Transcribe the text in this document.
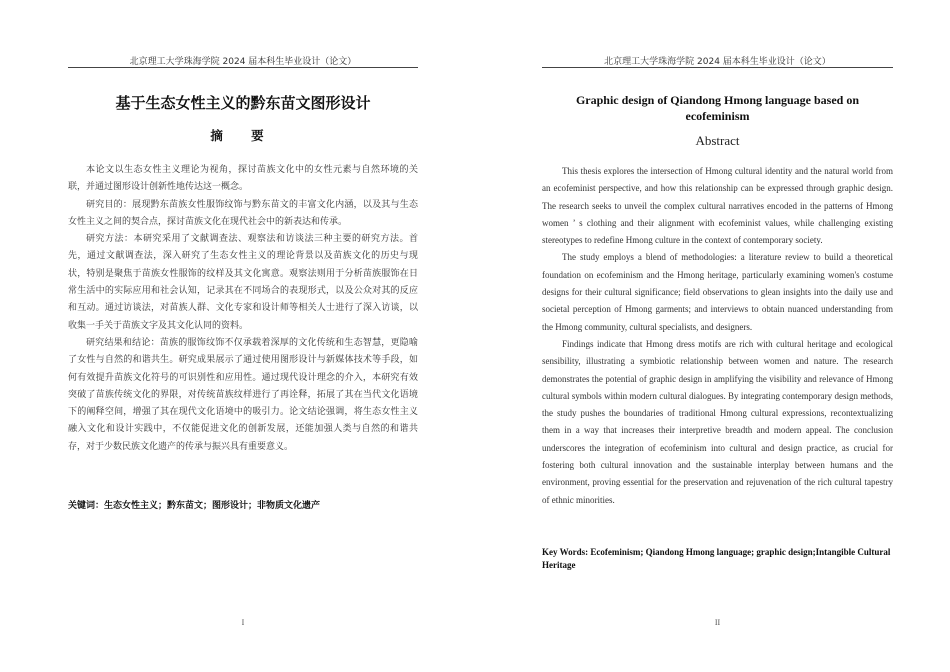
北京理工大学珠海学院 2024 届本科生毕业设计（论文）
基于生态女性主义的黔东苗文图形设计
摘 要

本论文以生态女性主义理论为视角，探讨苗族文化中的女性元素与自然环境的关联，并通过图形设计创新性地传达这一概念。

研究目的：展现黔东苗族女性服饰纹饰与黔东苗文的丰富文化内涵，以及其与生态女性主义之间的契合点，探讨苗族文化在现代社会中的新表达和传承。

研究方法：本研究采用了文献调查法、观察法和访谈法三种主要的研究方法。首先，通过文献调查法，深入研究了生态女性主义的理论背景以及苗族文化的历史与现状，特别是聚焦于苗族女性服饰的纹样及其文化寓意。观察法则用于分析苗族服饰在日常生活中的实际应用和社会认知，记录其在不同场合的表现形式，以及公众对其的反应和互动。通过访谈法，对苗族人群、文化专家和设计师等相关人士进行了深入访谈，以收集一手关于苗族文字及其文化认同的资料。

研究结果和结论：苗族的服饰纹饰不仅承载着深厚的文化传统和生态智慧，更隐喻了女性与自然的和谐共生。研究成果展示了通过使用图形设计与新媒体技术等手段，如何有效提升苗族文化符号的可识别性和应用性。通过现代设计理念的介入，本研究有效突破了苗族传统文化的界限，对传统苗族纹样进行了再诠释，拓展了其在当代文化语境下的阐释空间，增强了其在现代文化语境中的吸引力。论文结论强调，将生态女性主义融入文化和设计实践中，不仅能促进文化的创新发展，还能加强人类与自然的和谐共存，对于少数民族文化遗产的传承与振兴具有重要意义。

关键词：生态女性主义；黔东苗文；图形设计；非物质文化遗产
I
北京理工大学珠海学院 2024 届本科生毕业设计（论文）
Graphic design of Qiandong Hmong language based on ecofeminism
Abstract

This thesis explores the intersection of Hmong cultural identity and the natural world from an ecofeminist perspective, and how this relationship can be expressed through graphic design. The research seeks to unveil the complex cultural narratives encoded in the patterns of Hmong women ’ s clothing and their alignment with ecofeminist values, while challenging existing stereotypes to redefine Hmong culture in the context of contemporary society.

The study employs a blend of methodologies: a literature review to build a theoretical foundation on ecofeminism and the Hmong heritage, particularly examining women's costume designs for their cultural significance; field observations to glean insights into the daily use and societal perception of Hmong garments; and interviews to obtain nuanced understanding from the Hmong community, cultural specialists, and designers.

Findings indicate that Hmong dress motifs are rich with cultural heritage and ecological sensibility, illustrating a symbiotic relationship between women and nature. The research demonstrates the potential of graphic design in amplifying the visibility and relevance of Hmong cultural symbols within modern cultural dialogues. By integrating contemporary design methods, the study pushes the boundaries of traditional Hmong cultural expressions, recontextualizing them in a way that increases their interpretive breadth and modern appeal. The conclusion underscores the integration of ecofeminism into cultural and design practice, as crucial for fostering both cultural innovation and the sustainable interplay between humans and the environment, proving essential for the preservation and rejuvenation of the rich cultural tapestry of ethnic minorities.

Key Words: Ecofeminism; Qiandong Hmong language; graphic design;Intangible Cultural Heritage
II
